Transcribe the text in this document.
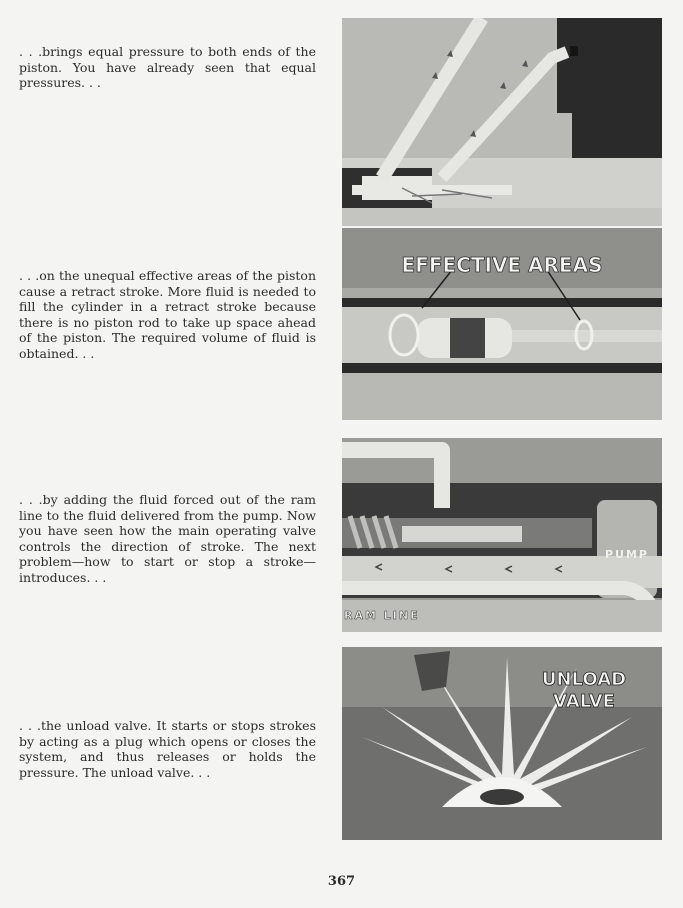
. . .brings equal pressure to both ends of the piston. You have already seen that equal pressures. . .

. . .on the unequal effective areas of the piston cause a retract stroke. More fluid is needed to fill the cylinder in a retract stroke because there is no piston rod to take up space ahead of the piston. The required volume of fluid is obtained. . .

. . .by adding the fluid forced out of the ram line to the fluid delivered from the pump. Now you have seen how the main operating valve controls the direction of stroke. The next problem—how to start or stop a stroke—introduces. . .

. . .the unload valve. It starts or stops strokes by acting as a plug which opens or closes the system, and thus releases or holds the pressure. The unload valve. . .

EFFECTIVE AREAS
PUMP
RAM LINE
UNLOAD
VALVE
367
